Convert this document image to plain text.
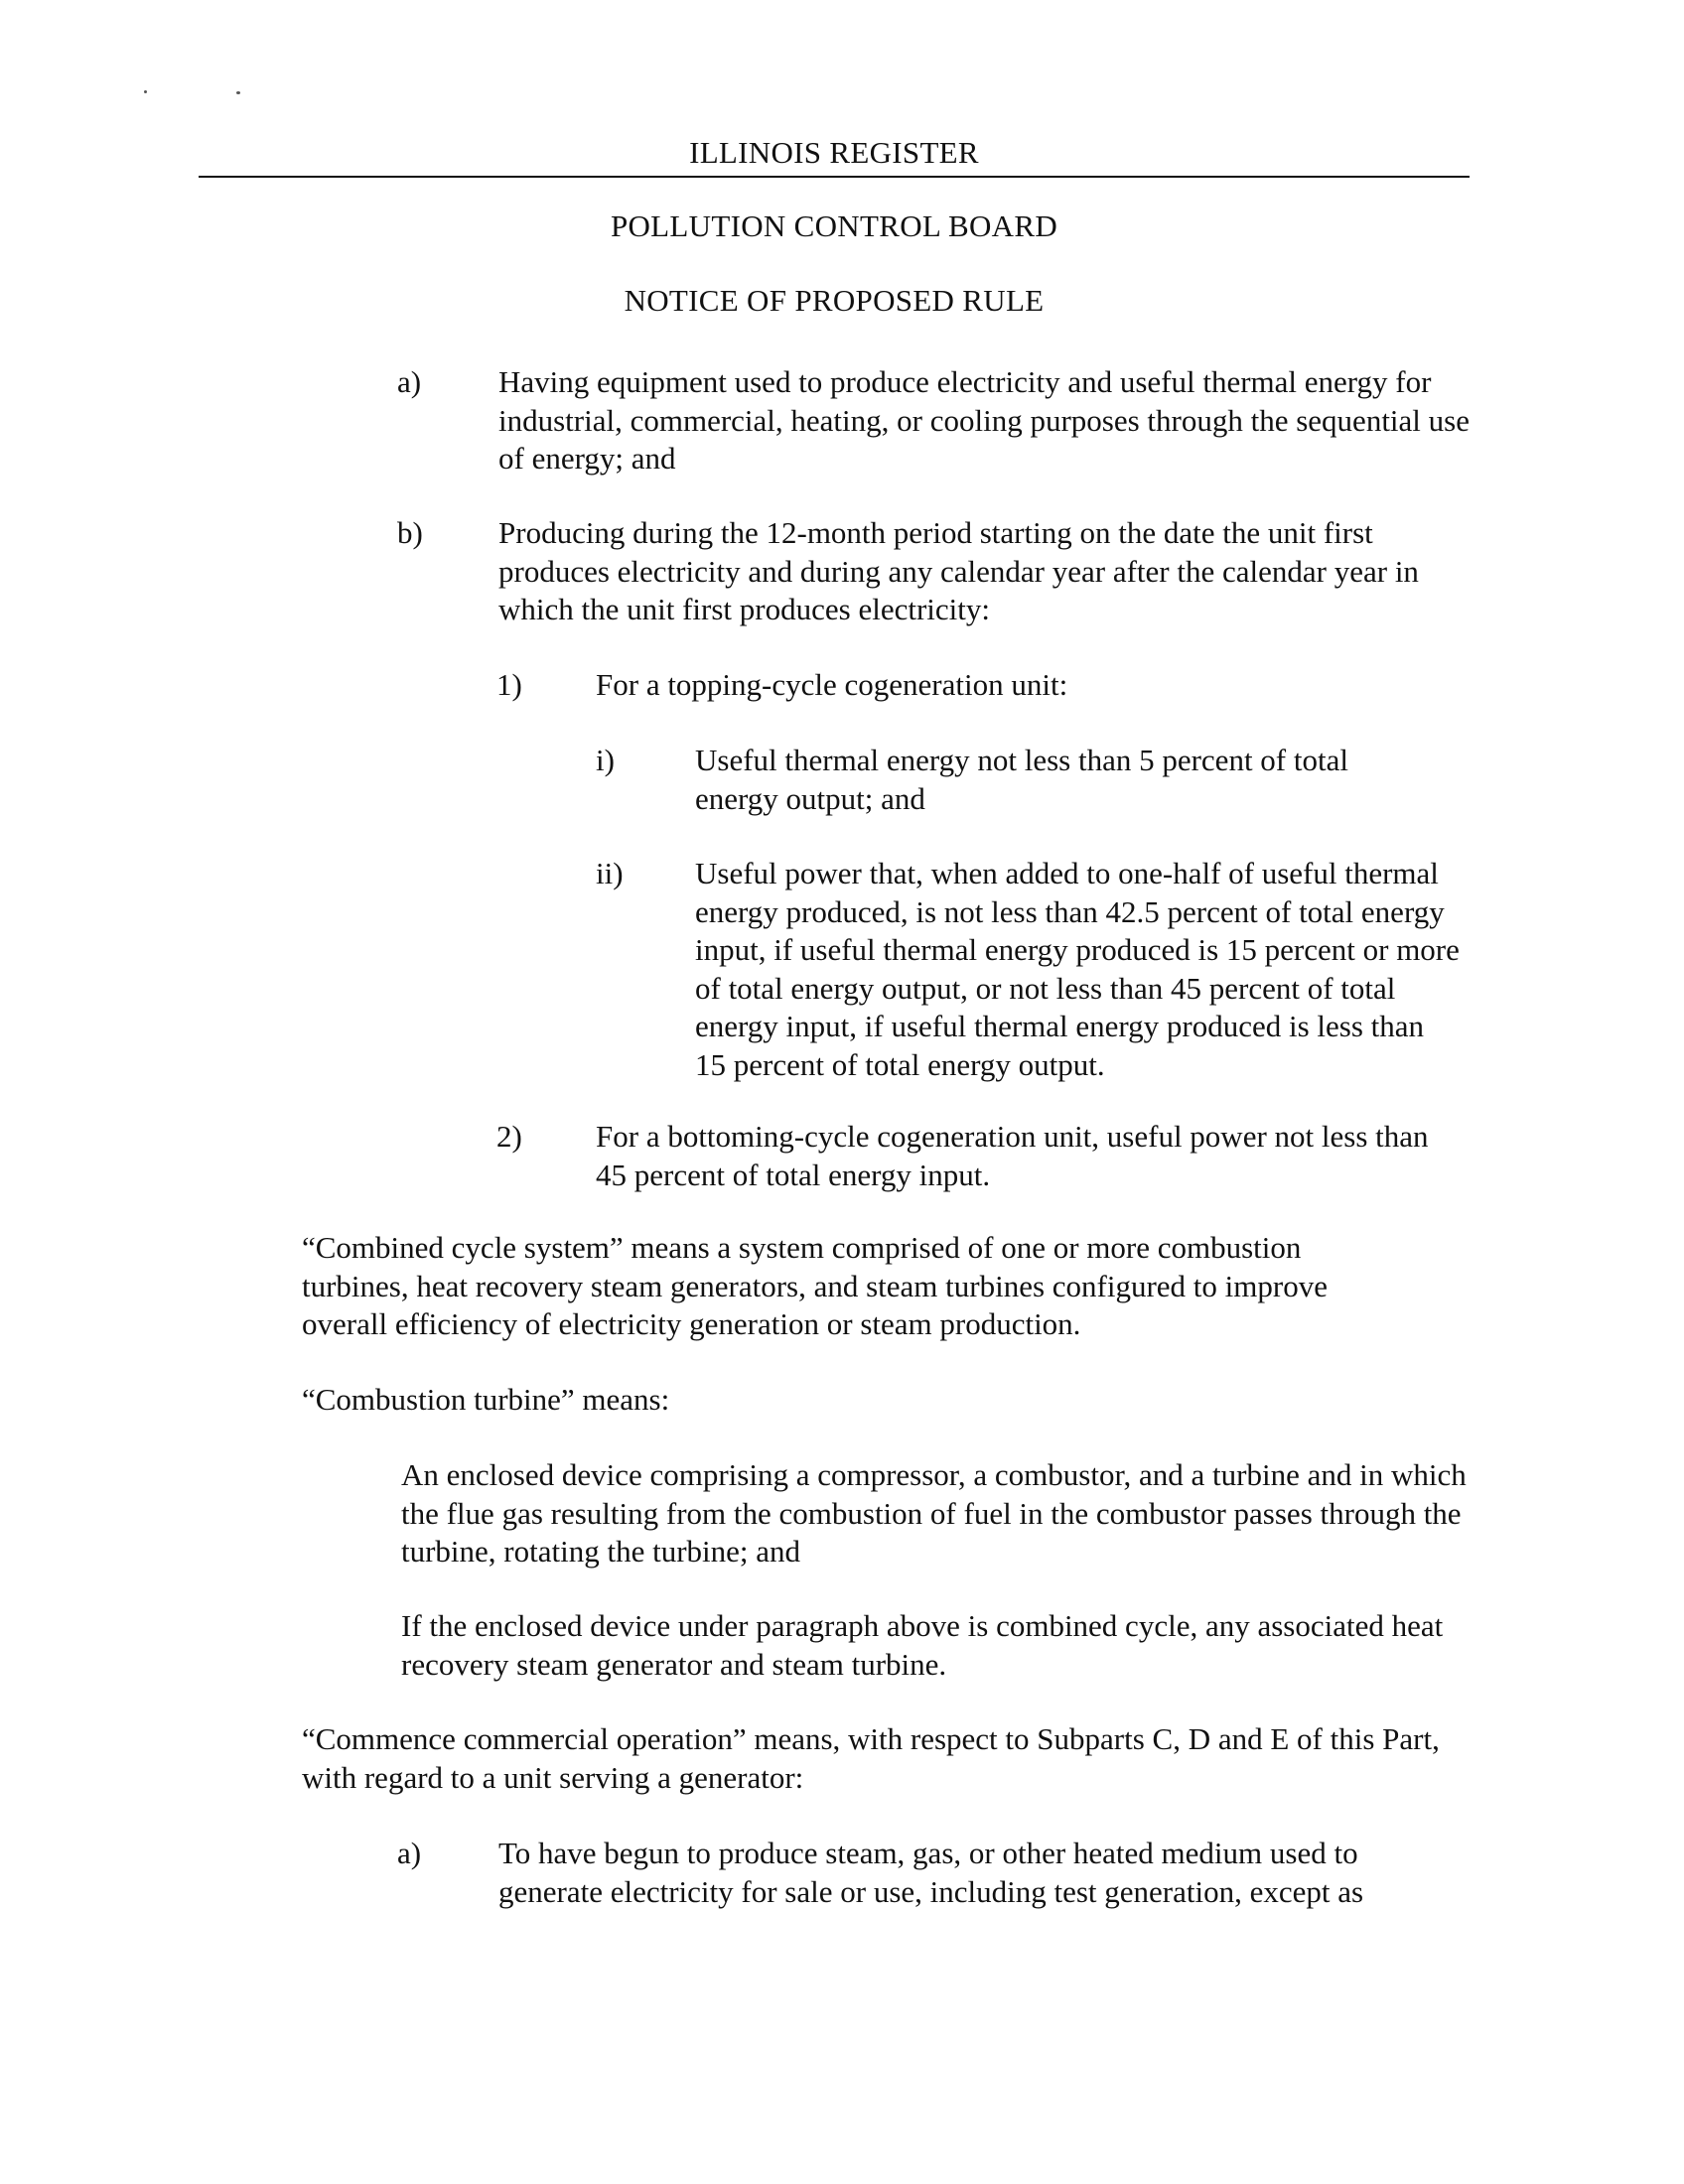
ILLINOIS REGISTER
POLLUTION CONTROL BOARD
NOTICE OF PROPOSED RULE
a)	Having equipment used to produce electricity and useful thermal energy for industrial, commercial, heating, or cooling purposes through the sequential use of energy; and
b) Producing during the 12-month period starting on the date the unit first produces electricity and during any calendar year after the calendar year in which the unit first produces electricity:
1) For a topping-cycle cogeneration unit:
i)	Useful thermal energy not less than 5 percent of total energy output; and
ii) Useful power that, when added to one-half of useful thermal energy produced, is not less than 42.5 percent of total energy input, if useful thermal energy produced is 15 percent or more of total energy output, or not less than 45 percent of total energy input, if useful thermal energy produced is less than 15 percent of total energy output.
2) For a bottoming-cycle cogeneration unit, useful power not less than 45 percent of total energy input.
“Combined cycle system” means a system comprised of one or more combustion turbines, heat recovery steam generators, and steam turbines configured to improve overall efficiency of electricity generation or steam production.
“Combustion turbine” means:
An enclosed device comprising a compressor, a combustor, and a turbine and in which the flue gas resulting from the combustion of fuel in the combustor passes through the turbine, rotating the turbine; and
If the enclosed device under paragraph above is combined cycle, any associated heat recovery steam generator and steam turbine.
“Commence commercial operation” means, with respect to Subparts C, D and E of this Part, with regard to a unit serving a generator:
a)	To have begun to produce steam, gas, or other heated medium used to generate electricity for sale or use, including test generation, except as
